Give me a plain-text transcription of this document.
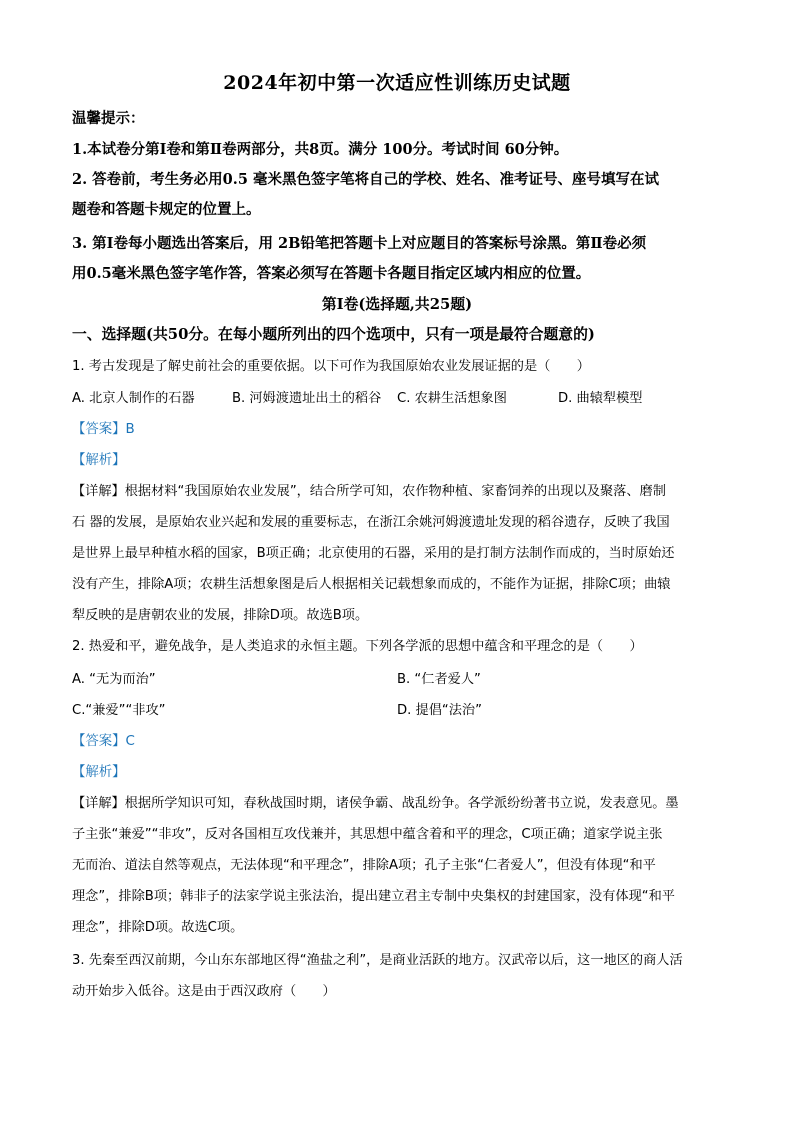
2024年初中第一次适应性训练历史试题
温馨提示：
1.本试卷分第Ⅰ卷和第Ⅱ卷两部分，共8页。满分 100分。考试时间 60分钟。
2. 答卷前，考生务必用0.5 毫米黑色签字笔将自己的学校、姓名、准考证号、座号填写在试
题卷和答题卡规定的位置上。
3. 第Ⅰ卷每小题选出答案后，用 2B铅笔把答题卡上对应题目的答案标号涂黑。第Ⅱ卷必须
用0.5毫米黑色签字笔作答，答案必须写在答题卡各题目指定区域内相应的位置。
第Ⅰ卷(选择题,共25题)
一、选择题(共50分。在每小题所列出的四个选项中，只有一项是最符合题意的)
1. 考古发现是了解史前社会的重要依据。以下可作为我国原始农业发展证据的是（　　）
A. 北京人制作的石器	B. 河姆渡遗址出土的稻谷 C. 农耕生活想象图	D. 曲辕犁模型
【答案】B
【解析】
【详解】根据材料“我国原始农业发展”，结合所学可知，农作物种植、家畜饲养的出现以及聚落、磨制
石 器的发展，是原始农业兴起和发展的重要标志，在浙江余姚河姆渡遗址发现的稻谷遗存，反映了我国
是世界上最早种植水稻的国家，B项正确；北京使用的石器，采用的是打制方法制作而成的，当时原始还
没有产生，排除A项；农耕生活想象图是后人根据相关记载想象而成的，不能作为证据，排除C项；曲辕
犁反映的是唐朝农业的发展，排除D项。故选B项。
2. 热爱和平，避免战争，是人类追求的永恒主题。下列各学派的思想中蕴含和平理念的是（　　）
A. “无为而治”	B. “仁者爱人”
C.“兼爱”“非攻”	D. 提倡“法治”
【答案】C
【解析】
【详解】根据所学知识可知，春秋战国时期，诸侯争霸、战乱纷争。各学派纷纷著书立说，发表意见。墨
子主张“兼爱”“非攻”，反对各国相互攻伐兼并，其思想中蕴含着和平的理念，C项正确；道家学说主张
无而治、道法自然等观点，无法体现“和平理念”，排除A项；孔子主张“仁者爱人”，但没有体现“和平
理念”，排除B项；韩非子的法家学说主张法治，提出建立君主专制中央集权的封建国家，没有体现“和平
理念”，排除D项。故选C项。
3. 先秦至西汉前期，今山东东部地区得“渔盐之利”，是商业活跃的地方。汉武帝以后，这一地区的商人活
动开始步入低谷。这是由于西汉政府（　　）
